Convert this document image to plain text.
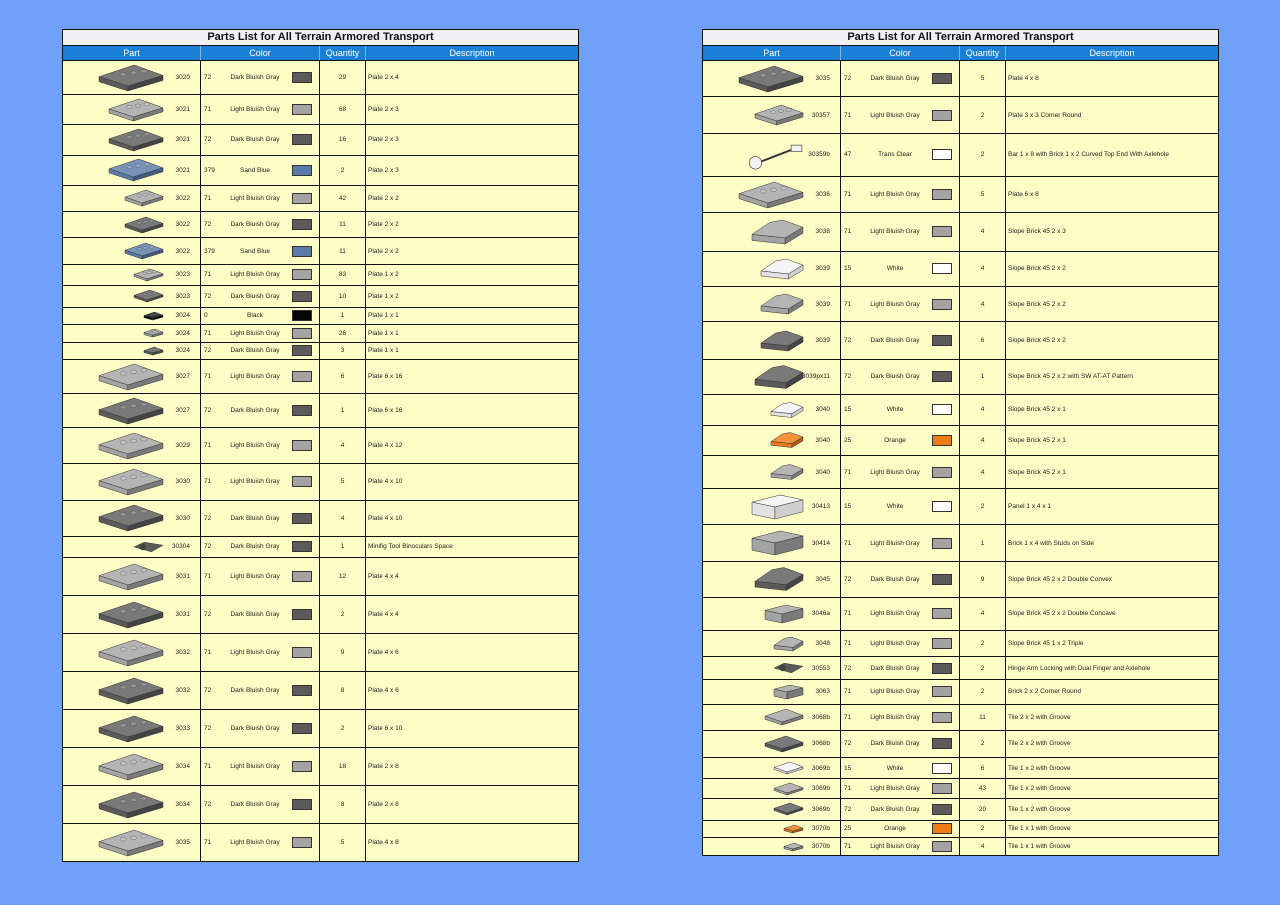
Parts List for All Terrain Armored Transport
Part	Color	Quantity	Description
3020	72	Dark Bluish Gray	29	Plate 2 x 4
3021	71	Light Bluish Gray	68	Plate 2 x 3
3021	72	Dark Bluish Gray	16	Plate 2 x 3
3021	379	Sand Blue	2	Plate 2 x 3
3022	71	Light Bluish Gray	42	Plate 2 x 2
3022	72	Dark Bluish Gray	11	Plate 2 x 2
3022	379	Sand Blue	11	Plate 2 x 2
3023	71	Light Bluish Gray	83	Plate 1 x 2
3023	72	Dark Bluish Gray	10	Plate 1 x 2
3024	0	Black	1	Plate 1 x 1
3024	71	Light Bluish Gray	26	Plate 1 x 1
3024	72	Dark Bluish Gray	3	Plate 1 x 1
3027	71	Light Bluish Gray	6	Plate 6 x 16
3027	72	Dark Bluish Gray	1	Plate 6 x 16
3029	71	Light Bluish Gray	4	Plate 4 x 12
3030	71	Light Bluish Gray	5	Plate 4 x 10
3030	72	Dark Bluish Gray	4	Plate 4 x 10
30304	72	Dark Bluish Gray	1	Minifig Tool Binoculars Space
3031	71	Light Bluish Gray	12	Plate 4 x 4
3031	72	Dark Bluish Gray	2	Plate 4 x 4
3032	71	Light Bluish Gray	9	Plate 4 x 6
3032	72	Dark Bluish Gray	8	Plate 4 x 6
3033	72	Dark Bluish Gray	2	Plate 6 x 10
3034	71	Light Bluish Gray	18	Plate 2 x 8
3034	72	Dark Bluish Gray	8	Plate 2 x 8
3035	71	Light Bluish Gray	5	Plate 4 x 8
Parts List for All Terrain Armored Transport
Part	Color	Quantity	Description
3035	72	Dark Bluish Gray	5	Plate 4 x 8
30357	71	Light Bluish Gray	2	Plate 3 x 3 Corner Round
30359b	47	Trans Clear	2	Bar 1 x 8 with Brick 1 x 2 Curved Top End With Axlehole
3036	71	Light Bluish Gray	5	Plate 6 x 8
3038	71	Light Bluish Gray	4	Slope Brick 45 2 x 3
3039	15	White	4	Slope Brick 45 2 x 2
3039	71	Light Bluish Gray	4	Slope Brick 45 2 x 2
3039	72	Dark Bluish Gray	6	Slope Brick 45 2 x 2
3039px11	72	Dark Bluish Gray	1	Slope Brick 45 2 x 2 with SW AT-AT Pattern
3040	15	White	4	Slope Brick 45 2 x 1
3040	25	Orange	4	Slope Brick 45 2 x 1
3040	71	Light Bluish Gray	4	Slope Brick 45 2 x 1
30413	15	White	2	Panel 1 x 4 x 1
30414	71	Light Bluish Gray	1	Brick 1 x 4 with Studs on Side
3045	72	Dark Bluish Gray	9	Slope Brick 45 2 x 2 Double Convex
3046a	71	Light Bluish Gray	4	Slope Brick 45 2 x 2 Double Concave
3048	71	Light Bluish Gray	2	Slope Brick 45 1 x 2 Triple
30553	72	Dark Bluish Gray	2	Hinge Arm Locking with Dual Finger and Axlehole
3063	71	Light Bluish Gray	2	Brick 2 x 2 Corner Round
3068b	71	Light Bluish Gray	11	Tile 2 x 2 with Groove
3068b	72	Dark Bluish Gray	2	Tile 2 x 2 with Groove
3069b	15	White	6	Tile 1 x 2 with Groove
3069b	71	Light Bluish Gray	43	Tile 1 x 2 with Groove
3069b	72	Dark Bluish Gray	20	Tile 1 x 2 with Groove
3070b	25	Orange	2	Tile 1 x 1 with Groove
3070b	71	Light Bluish Gray	4	Tile 1 x 1 with Groove
